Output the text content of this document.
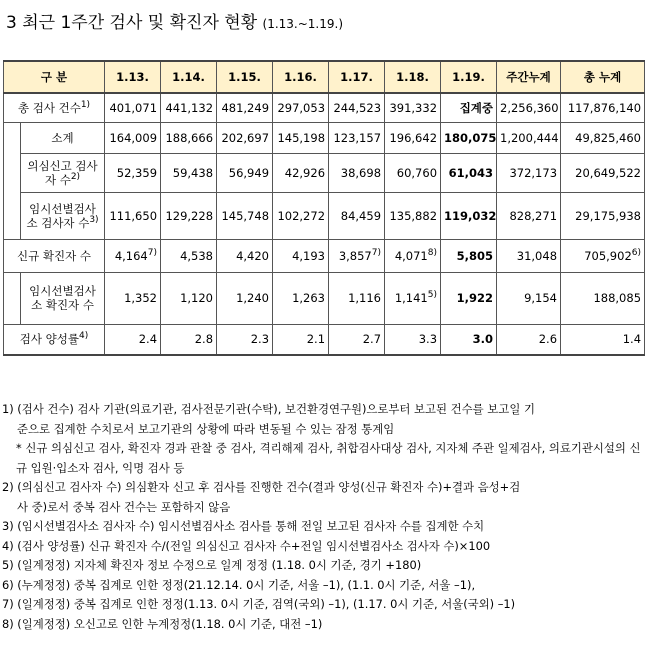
3 최근 1주간 검사 및 확진자 현황 (1.13.~1.19.)
구 분		1.13.	1.14.	1.15.	1.16.	1.17.	1.18.	1.19.	주간누계	총 누계
총 검사 건수$^{1)}$		401,071	441,132	481,249	297,053	244,523	391,332	집계중	2,256,360	117,876,140
	소계	164,009	188,666	202,697	145,198	123,157	196,642	180,075	1,200,444	49,825,460
	의심신고 검사자 수$^{2)}$	52,359	59,438	56,949	42,926	38,698	60,760	61,043	372,173	20,649,522
	임시선별검사소 검사자 수$^{3)}$	111,650	129,228	145,748	102,272	84,459	135,882	119,032	828,271	29,175,938
신규 확진자 수		4,164$^{7)}$	4,538	4,420	4,193	3,857$^{7)}$	4,071$^{8)}$	5,805	31,048	705,902$^{6)}$
	임시선별검사소 확진자 수	1,352	1,120	1,240	1,263	1,116	1,141$^{5)}$	1,922	9,154	188,085
검사 양성률$^{4)}$		2.4	2.8	2.3	2.1	2.7	3.3	3.0	2.6	1.4
1) (검사 건수) 검사 기관(의료기관, 검사전문기관(수탁), 보건환경연구원)으로부터 보고된 건수를 보고일 기
준으로 집계한 수치로서 보고기관의 상황에 따라 변동될 수 있는 잠정 통계임
* 신규 의심신고 검사, 확진자 경과 관찰 중 검사, 격리해제 검사, 취합검사대상 검사, 지자체 주관 일제검사, 의료기관시설의 신규 입원·입소자 검사, 익명 검사 등
2) (의심신고 검사자 수) 의심환자 신고 후 검사를 진행한 건수(결과 양성(신규 확진자 수)+결과 음성+검
사 중)로서 중복 검사 건수는 포함하지 않음
3) (임시선별검사소 검사자 수) 임시선별검사소 검사를 통해 전일 보고된 검사자 수를 집계한 수치
4) (검사 양성률) 신규 확진자 수/(전일 의심신고 검사자 수+전일 임시선별검사소 검사자 수)×100
5) (일계정정) 지자체 확진자 정보 수정으로 일계 정정 (1.18. 0시 기준, 경기 +180)
6) (누계정정) 중복 집계로 인한 정정(21.12.14. 0시 기준, 서울 –1), (1.1. 0시 기준, 서울 –1),
7) (일계정정) 중복 집계로 인한 정정(1.13. 0시 기준, 검역(국외) –1), (1.17. 0시 기준, 서울(국외) –1)
8) (일계정정) 오신고로 인한 누계정정(1.18. 0시 기준, 대전 –1)
